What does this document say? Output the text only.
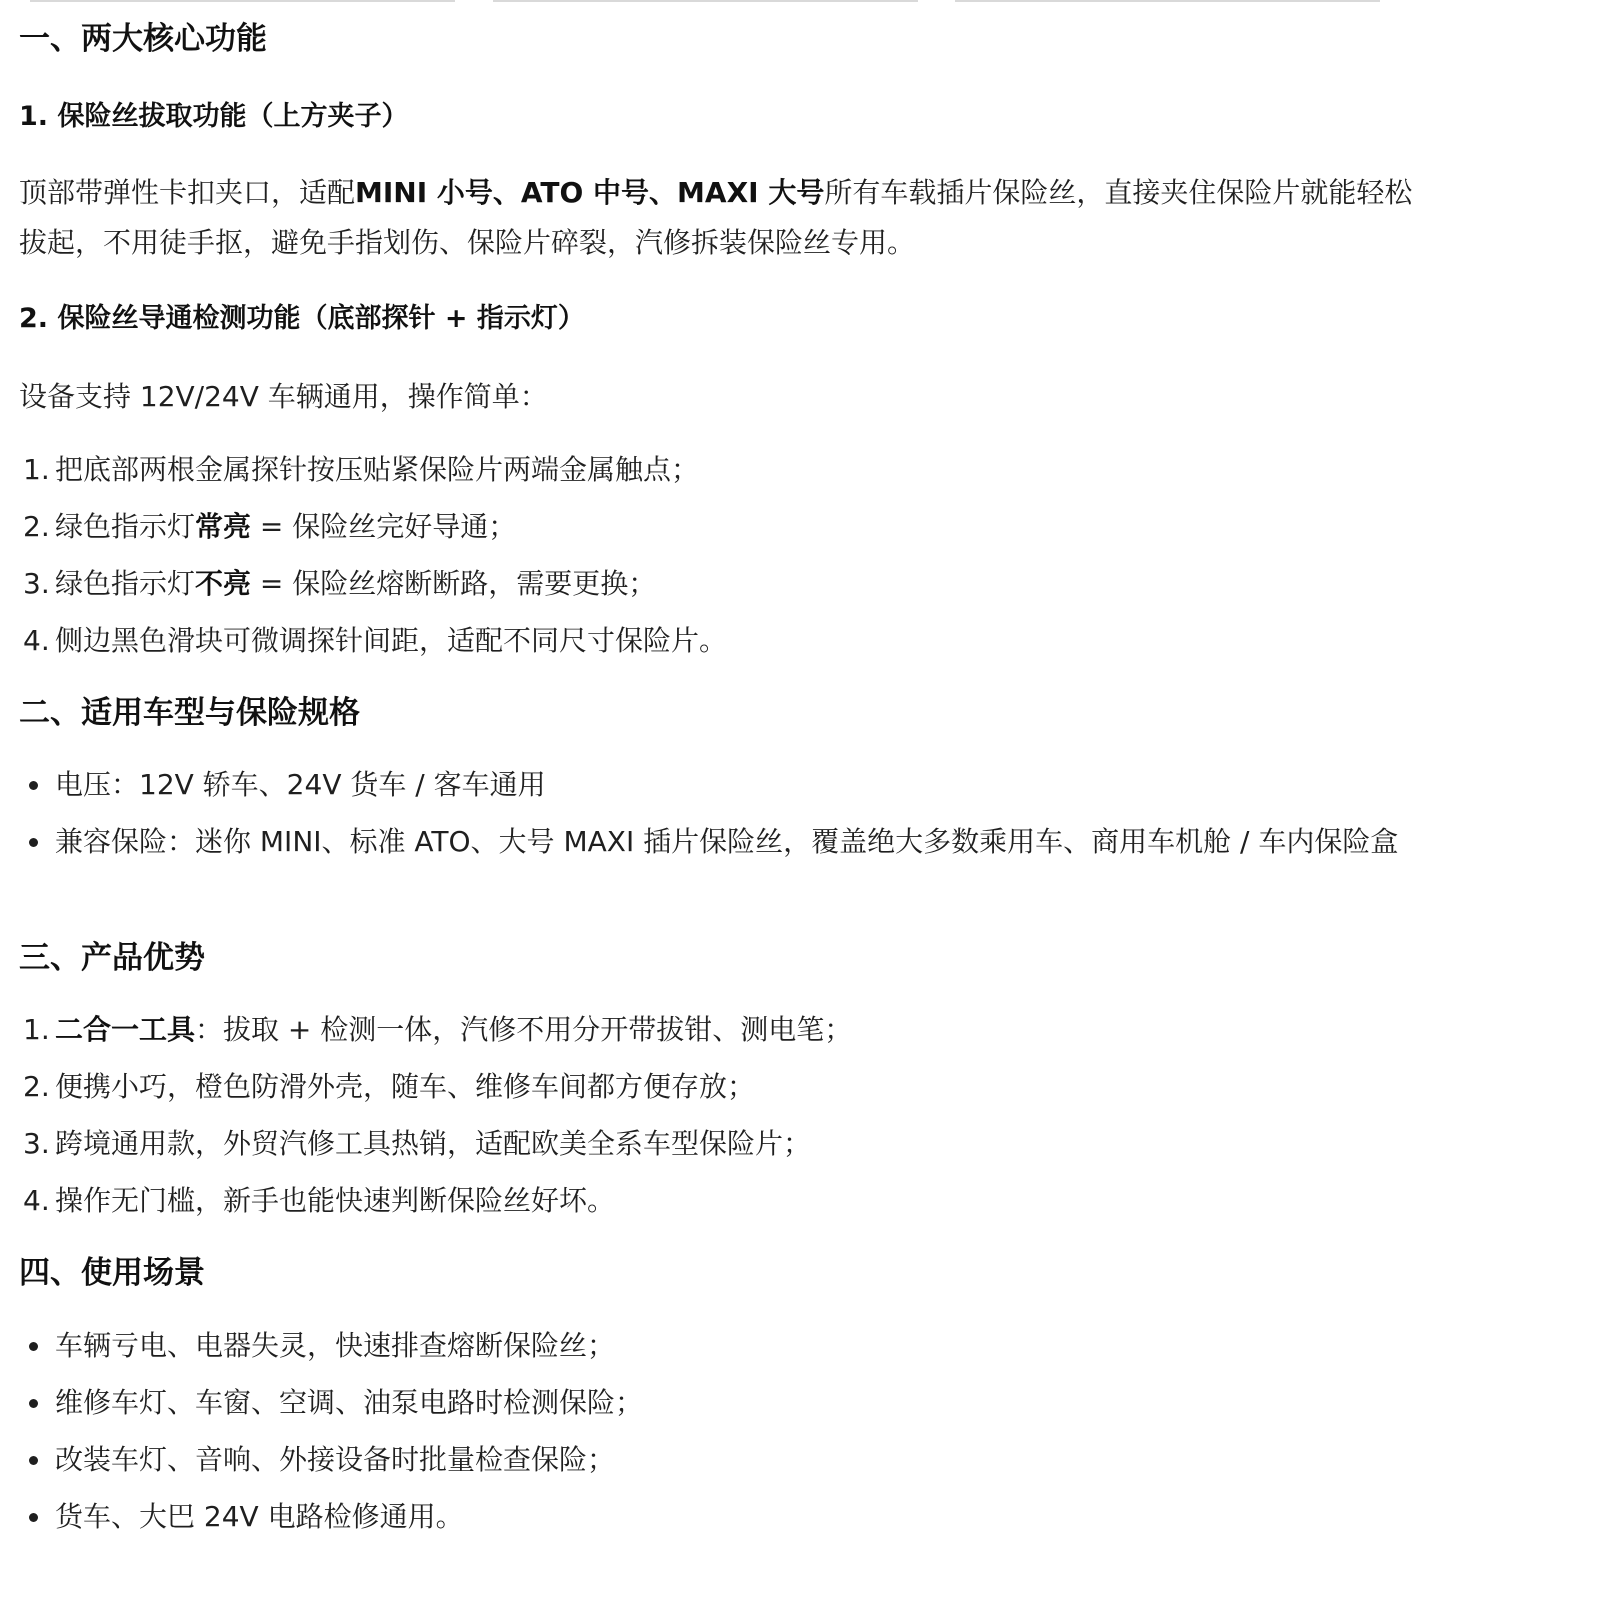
一、两大核心功能
1. 保险丝拔取功能（上方夹子）

顶部带弹性卡扣夹口，适配MINI 小号、ATO 中号、MAXI 大号所有车载插片保险丝，直接夹住保险片就能轻松拔起，不用徒手抠，避免手指划伤、保险片碎裂，汽修拆装保险丝专用。

2. 保险丝导通检测功能（底部探针 + 指示灯）

设备支持 12V/24V 车辆通用，操作简单：

1. 把底部两根金属探针按压贴紧保险片两端金属触点；
2. 绿色指示灯常亮 = 保险丝完好导通；
3. 绿色指示灯不亮 = 保险丝熔断断路，需要更换；
4. 侧边黑色滑块可微调探针间距，适配不同尺寸保险片。
二、适用车型与保险规格
电压：12V 轿车、24V 货车 / 客车通用
兼容保险：迷你 MINI、标准 ATO、大号 MAXI 插片保险丝，覆盖绝大多数乘用车、商用车机舱 / 车内保险盒
三、产品优势
1. 二合一工具：拔取 + 检测一体，汽修不用分开带拔钳、测电笔；
2. 便携小巧，橙色防滑外壳，随车、维修车间都方便存放；
3. 跨境通用款，外贸汽修工具热销，适配欧美全系车型保险片；
4. 操作无门槛，新手也能快速判断保险丝好坏。
四、使用场景
车辆亏电、电器失灵，快速排查熔断保险丝；
维修车灯、车窗、空调、油泵电路时检测保险；
改装车灯、音响、外接设备时批量检查保险；
货车、大巴 24V 电路检修通用。
